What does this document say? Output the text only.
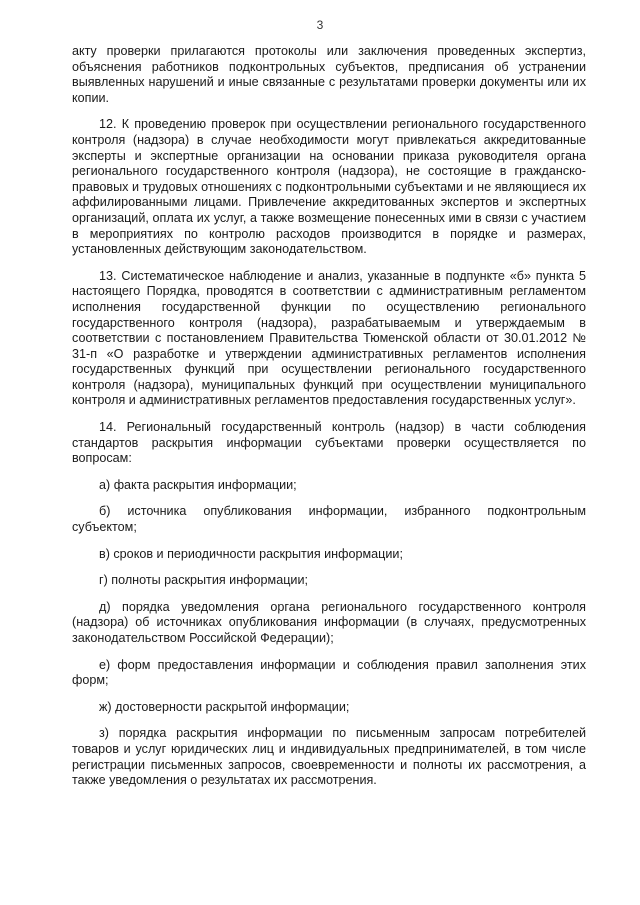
3

актy проверки прилагаются протоколы или заключения проведенных экспертиз, объяснения работников подконтрольных субъектов, предписания об устранении выявленных нарушений и иные связанные с результатами проверки документы или их копии.

12. К проведению проверок при осуществлении регионального государственного контроля (надзора) в случае необходимости могут привлекаться аккредитованные эксперты и экспертные организации на основании приказа руководителя органа регионального государственного контроля (надзора), не состоящие в гражданско-правовых и трудовых отношениях с подконтрольными субъектами и не являющиеся их аффилированными лицами. Привлечение аккредитованных экспертов и экспертных организаций, оплата их услуг, а также возмещение понесенных ими в связи с участием в мероприятиях по контролю расходов производится в порядке и размерах, установленных действующим законодательством.

13. Систематическое наблюдение и анализ, указанные в подпункте «б» пункта 5 настоящего Порядка, проводятся в соответствии с административным регламентом исполнения государственной функции по осуществлению регионального государственного контроля (надзора), разрабатываемым и утверждаемым в соответствии с постановлением Правительства Тюменской области от 30.01.2012 № 31-п «О разработке и утверждении административных регламентов исполнения государственных функций при осуществлении регионального государственного контроля (надзора), муниципальных функций при осуществлении муниципального контроля и административных регламентов предоставления государственных услуг».

14. Региональный государственный контроль (надзор) в части соблюдения стандартов раскрытия информации субъектами проверки осуществляется по вопросам:

а) факта раскрытия информации;

б) источника опубликования информации, избранного подконтрольным субъектом;

в) сроков и периодичности раскрытия информации;

г) полноты раскрытия информации;

д) порядка уведомления органа регионального государственного контроля (надзора) об источниках опубликования информации (в случаях, предусмотренных законодательством Российской Федерации);

е) форм предоставления информации и соблюдения правил заполнения этих форм;

ж) достоверности раскрытой информации;

з) порядка раскрытия информации по письменным запросам потребителей товаров и услуг юридических лиц и индивидуальных предпринимателей, в том числе регистрации письменных запросов, своевременности и полноты их рассмотрения, а также уведомления о результатах их рассмотрения.
